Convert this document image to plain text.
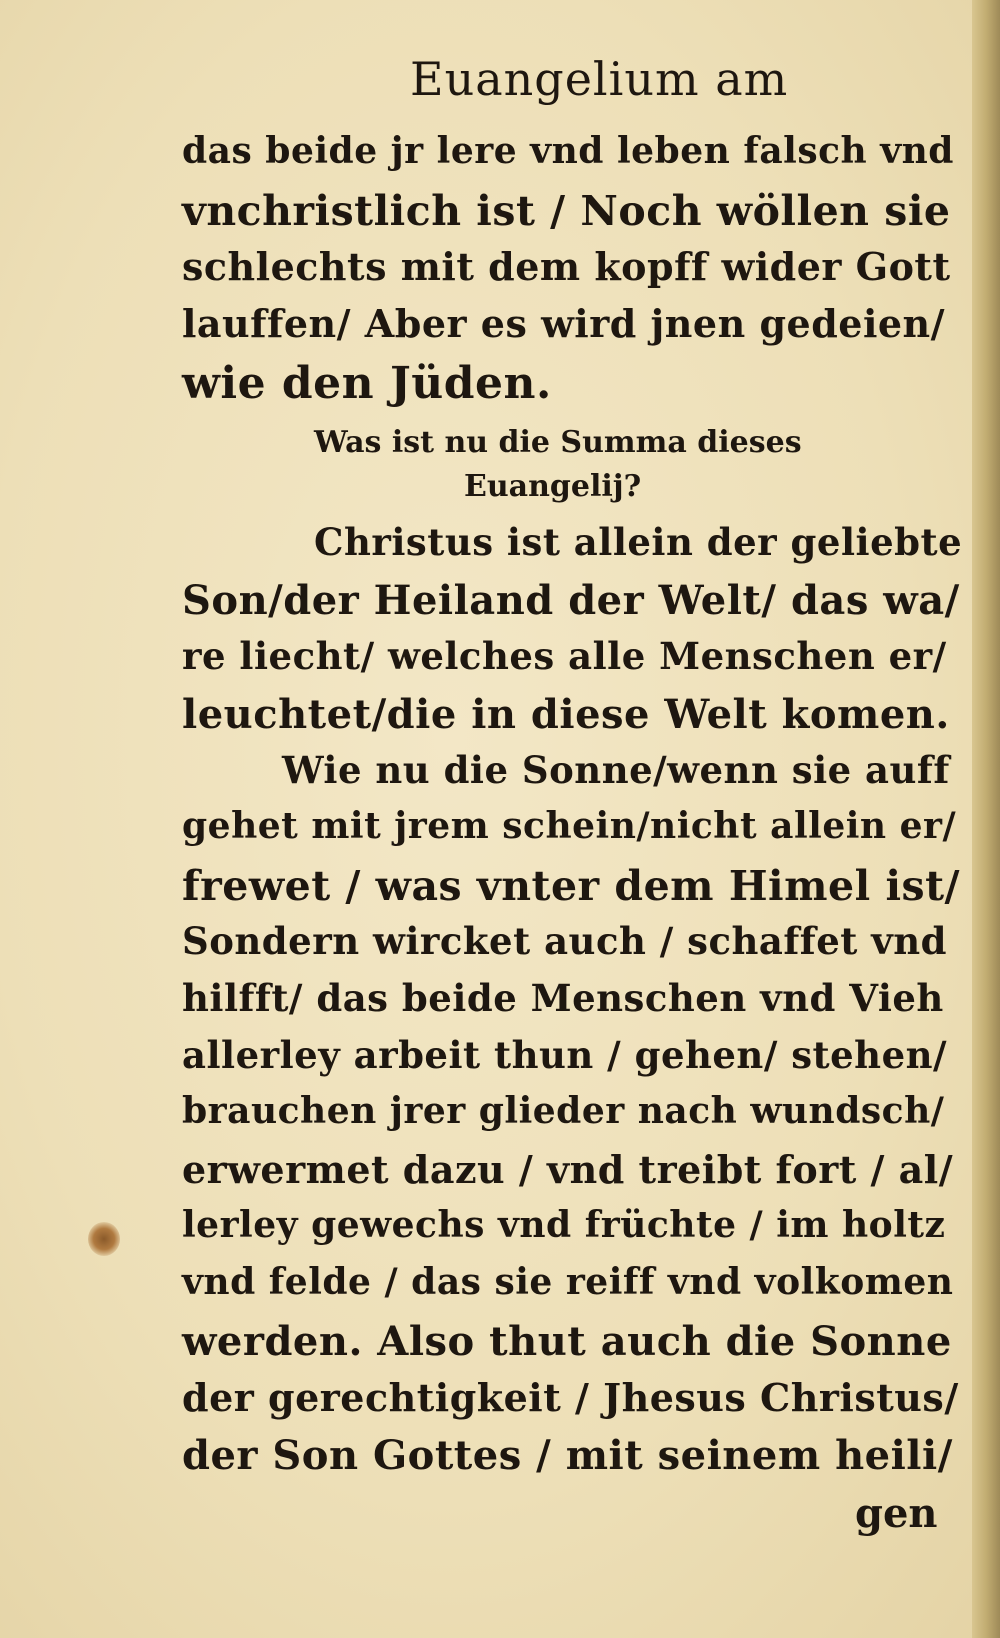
Euangelium am
das beide jr lere vnd leben falsch vnd
vnchristlich ist / Noch wöllen sie
schlechts mit dem kopff wider Gott
lauffen/ Aber es wird jnen gedeien/
wie den Jüden.
Was ist nu die Summa dieses
Euangelij?
Christus ist allein der geliebte
Son/der Heiland der Welt/ das wa/
re liecht/ welches alle Menschen er/
leuchtet/die in diese Welt komen.
Wie nu die Sonne/wenn sie auff
gehet mit jrem schein/nicht allein er/
frewet / was vnter dem Himel ist/
Sondern wircket auch / schaffet vnd
hilfft/ das beide Menschen vnd Vieh
allerley arbeit thun / gehen/ stehen/
brauchen jrer glieder nach wundsch/
erwermet dazu / vnd treibt fort / al/
lerley gewechs vnd früchte / im holtz
vnd felde / das sie reiff vnd volkomen
werden. Also thut auch die Sonne
der gerechtigkeit / Jhesus Christus/
der Son Gottes / mit seinem heili/
gen
